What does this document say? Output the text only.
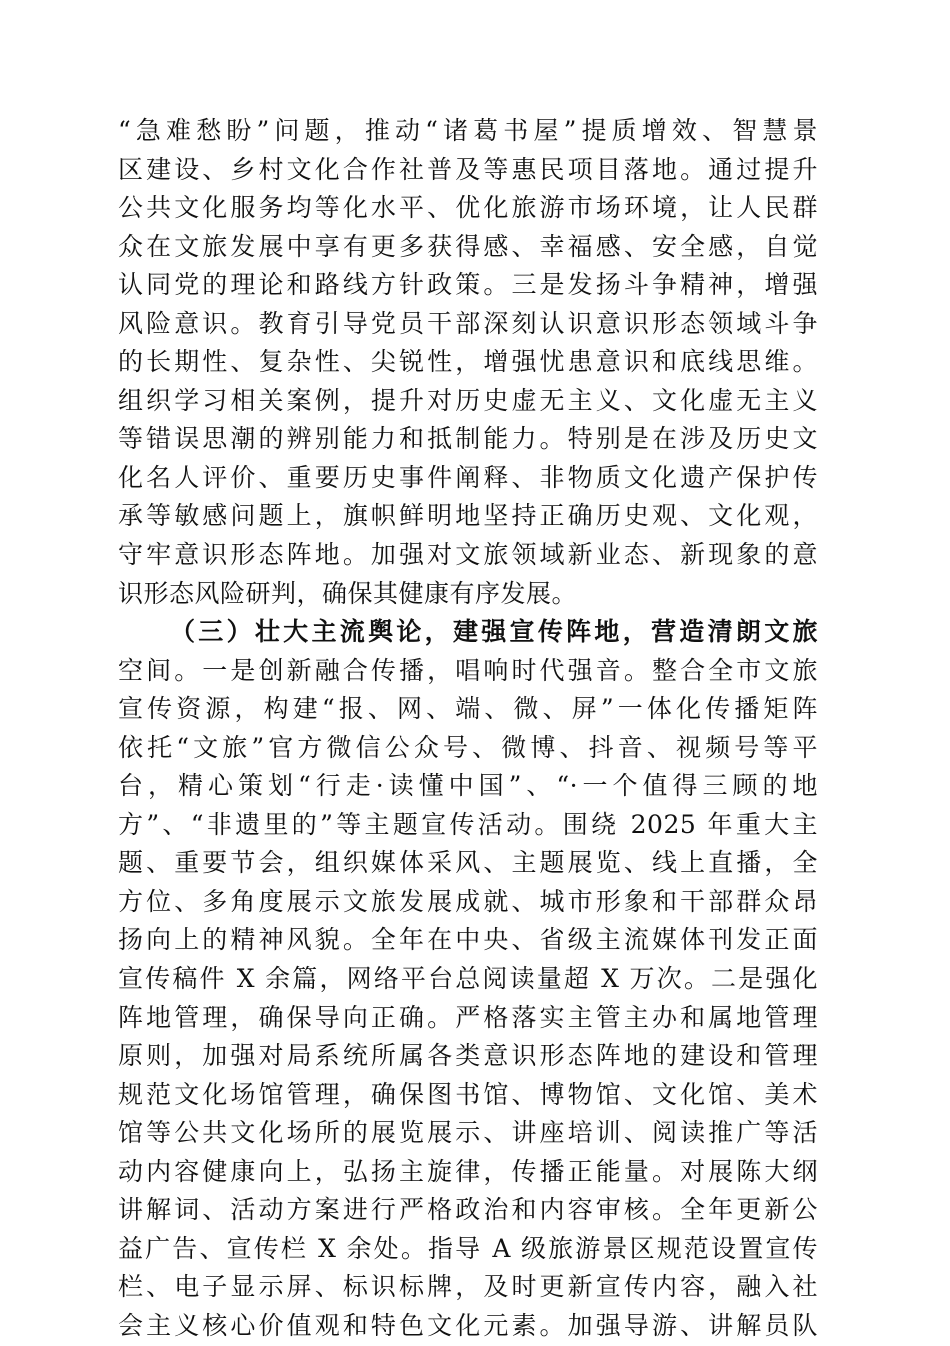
“急难愁盼”问题，推动“诸葛书屋”提质增效、智慧景
区建设、乡村文化合作社普及等惠民项目落地。通过提升
公共文化服务均等化水平、优化旅游市场环境，让人民群
众在文旅发展中享有更多获得感、幸福感、安全感，自觉
认同党的理论和路线方针政策。三是发扬斗争精神，增强
风险意识。教育引导党员干部深刻认识意识形态领域斗争
的长期性、复杂性、尖锐性，增强忧患意识和底线思维。
组织学习相关案例，提升对历史虚无主义、文化虚无主义
等错误思潮的辨别能力和抵制能力。特别是在涉及历史文
化名人评价、重要历史事件阐释、非物质文化遗产保护传
承等敏感问题上，旗帜鲜明地坚持正确历史观、文化观，
守牢意识形态阵地。加强对文旅领域新业态、新现象的意
识形态风险研判，确保其健康有序发展。
（三）壮大主流舆论，建强宣传阵地，营造清朗文旅
空间。一是创新融合传播，唱响时代强音。整合全市文旅
宣传资源，构建“报、网、端、微、屏”一体化传播矩阵
依托“文旅”官方微信公众号、微博、抖音、视频号等平
台，精心策划“行走·读懂中国”、“·一个值得三顾的地
方”、“非遗里的”等主题宣传活动。围绕 2025 年重大主
题、重要节会，组织媒体采风、主题展览、线上直播，全
方位、多角度展示文旅发展成就、城市形象和干部群众昂
扬向上的精神风貌。全年在中央、省级主流媒体刊发正面
宣传稿件 X 余篇，网络平台总阅读量超 X 万次。二是强化
阵地管理，确保导向正确。严格落实主管主办和属地管理
原则，加强对局系统所属各类意识形态阵地的建设和管理
规范文化场馆管理，确保图书馆、博物馆、文化馆、美术
馆等公共文化场所的展览展示、讲座培训、阅读推广等活
动内容健康向上，弘扬主旋律，传播正能量。对展陈大纲
讲解词、活动方案进行严格政治和内容审核。全年更新公
益广告、宣传栏 X 余处。指导 A 级旅游景区规范设置宣传
栏、电子显示屏、标识标牌，及时更新宣传内容，融入社
会主义核心价值观和特色文化元素。加强导游、讲解员队
